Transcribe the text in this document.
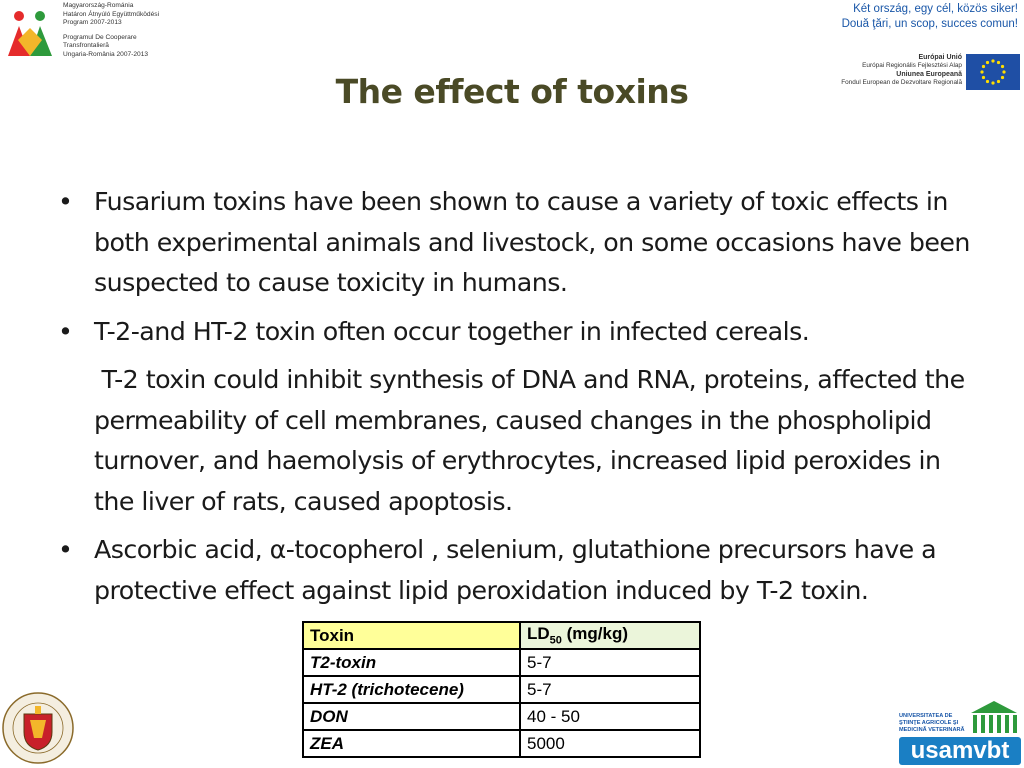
Magyarország-Románia
Határon Átnyúló Együttműködési
Program 2007-2013
Programul De Cooperare
Transfrontalieră
Ungaria-România 2007-2013
Két ország, egy cél, közös siker!
Două ţări, un scop, succes comun!
Európai Unió
Európai Regionális Fejlesztési Alap
Uniunea Europeană
Fondul European de Dezvoltare Regională
The effect of toxins
• Fusarium toxins have been shown to cause a variety of toxic effects in both experimental animals and livestock, on some occasions have been suspected to cause toxicity in humans.
• T-2-and HT-2 toxin often occur together in infected cereals.
T-2 toxin could inhibit synthesis of DNA and RNA, proteins, affected the permeability of cell membranes, caused changes in the phospholipid turnover, and haemolysis of erythrocytes, increased lipid peroxides in the liver of rats, caused apoptosis.
• Ascorbic acid, α-tocopherol , selenium, glutathione precursors have a protective effect against lipid peroxidation induced by T-2 toxin.
Toxin	$LD_{50}$ (mg/kg)
T2-toxin	5-7
HT-2 (trichotecene)	5-7
DON	40 - 50
ZEA	5000
UNIVERSITATEA DE
ŞTIINŢE AGRICOLE ŞI
MEDICINĂ VETERINARĂ
usamvbt
